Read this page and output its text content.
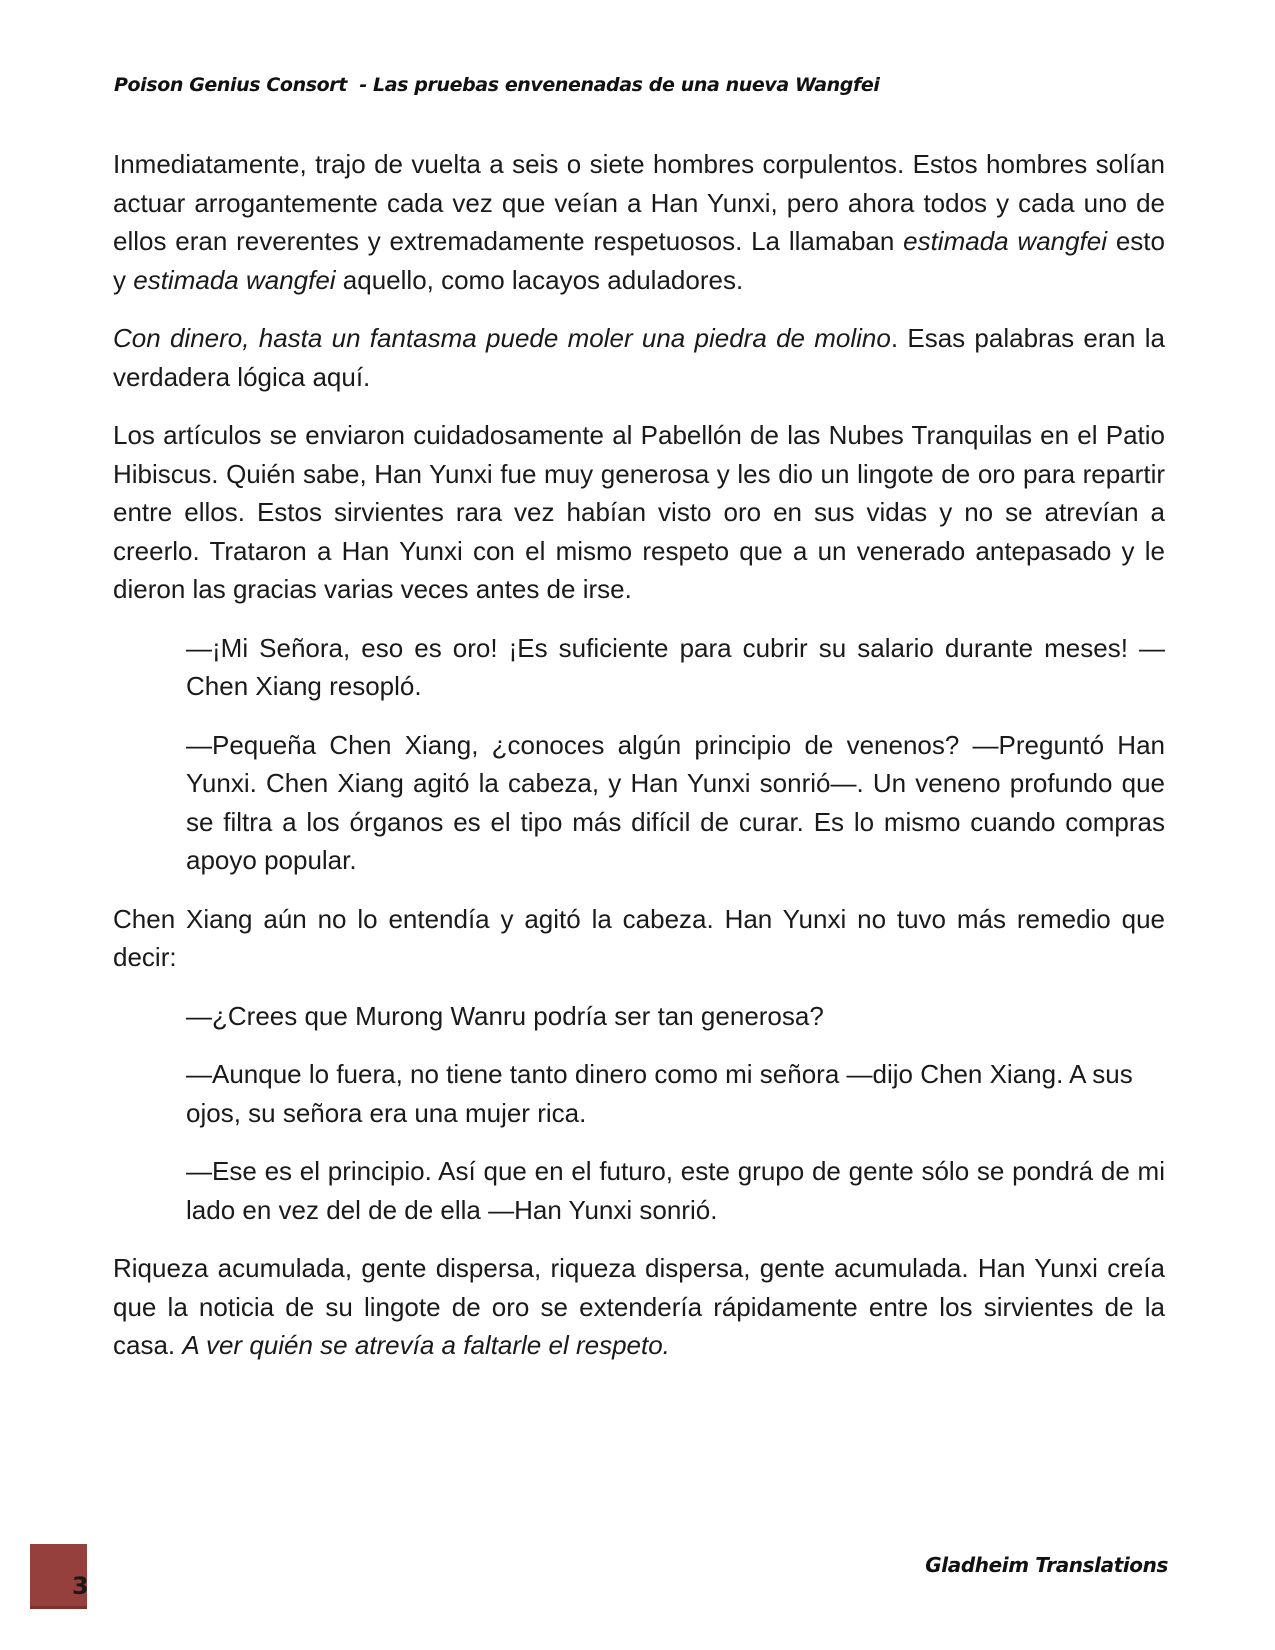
Poison Genius Consort  - Las pruebas envenenadas de una nueva Wangfei

Inmediatamente, trajo de vuelta a seis o siete hombres corpulentos. Estos hombres solían actuar arrogantemente cada vez que veían a Han Yunxi, pero ahora todos y cada uno de ellos eran reverentes y extremadamente respetuosos. La llamaban estimada wangfei esto y estimada wangfei aquello, como lacayos aduladores.

Con dinero, hasta un fantasma puede moler una piedra de molino. Esas palabras eran la verdadera lógica aquí.

Los artículos se enviaron cuidadosamente al Pabellón de las Nubes Tranquilas en el Patio Hibiscus. Quién sabe, Han Yunxi fue muy generosa y les dio un lingote de oro para repartir entre ellos. Estos sirvientes rara vez habían visto oro en sus vidas y no se atrevían a creerlo. Trataron a Han Yunxi con el mismo respeto que a un venerado antepasado y le dieron las gracias varias veces antes de irse.

—¡Mi Señora, eso es oro! ¡Es suficiente para cubrir su salario durante meses! —Chen Xiang resopló.

—Pequeña Chen Xiang, ¿conoces algún principio de venenos? —Preguntó Han Yunxi. Chen Xiang agitó la cabeza, y Han Yunxi sonrió—. Un veneno profundo que se filtra a los órganos es el tipo más difícil de curar. Es lo mismo cuando compras apoyo popular.

Chen Xiang aún no lo entendía y agitó la cabeza. Han Yunxi no tuvo más remedio que decir:

—¿Crees que Murong Wanru podría ser tan generosa?

—Aunque lo fuera, no tiene tanto dinero como mi señora —dijo Chen Xiang. A sus ojos, su señora era una mujer rica.

—Ese es el principio. Así que en el futuro, este grupo de gente sólo se pondrá de mi lado en vez del de de ella —Han Yunxi sonrió.

Riqueza acumulada, gente dispersa, riqueza dispersa, gente acumulada. Han Yunxi creía que la noticia de su lingote de oro se extendería rápidamente entre los sirvientes de la casa. A ver quién se atrevía a faltarle el respeto.

3
Gladheim Translations
